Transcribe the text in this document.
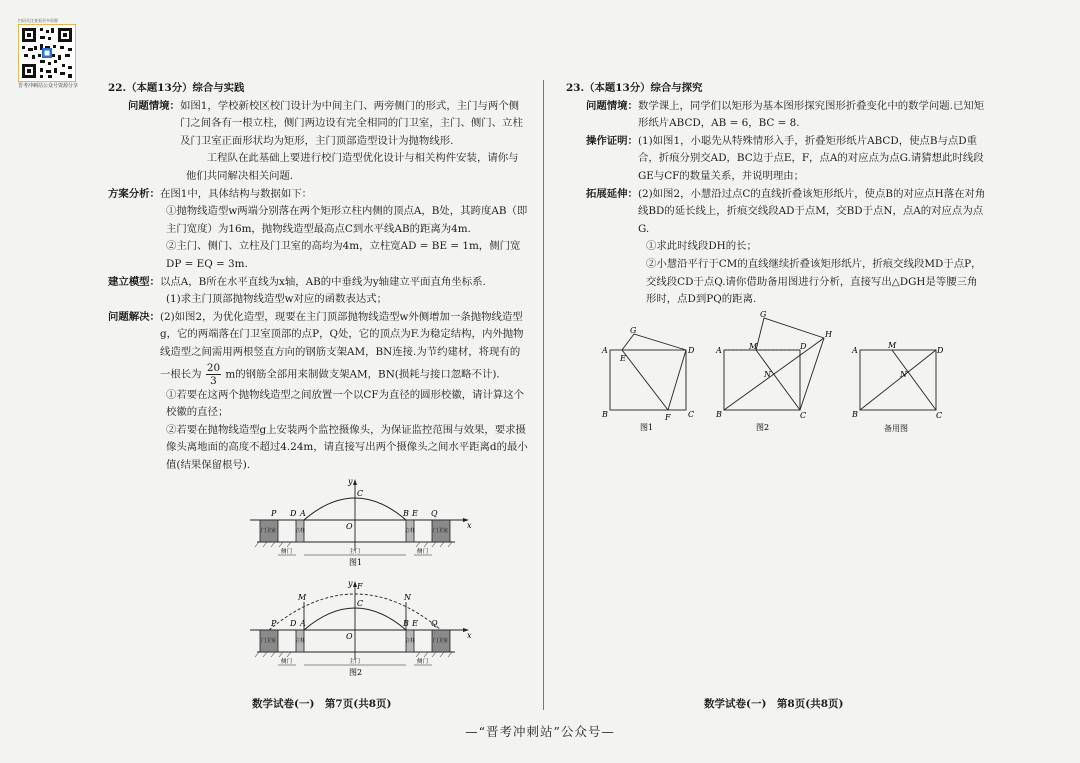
扫码关注查看更多资源
晋考冲刺站公众号资源分享	22.（本题13分）综合与实践
问题情境： 如图1，学校新校区校门设计为中间主门、两旁侧门的形式，主门与两个侧门之间各有一根立柱，侧门两边设有完全相同的门卫室，主门、侧门、立柱及门卫室正面形状均为矩形，主门顶部造型设计为抛物线形.
工程队在此基础上要进行校门造型优化设计与相关构件安装，请你与他们共同解决相关问题.
方案分析： 在图1中，具体结构与数据如下：
①抛物线造型w两端分别落在两个矩形立柱内侧的顶点A，B处，其跨度AB（即主门宽度）为16m，抛物线造型最高点C到水平线AB的距离为4m.
②主门、侧门、立柱及门卫室的高均为4m，立柱宽AD = BE = 1m，侧门宽DP = EQ = 3m.
建立模型： 以点A，B所在水平直线为x轴，AB的中垂线为y轴建立平面直角坐标系.
(1)求主门顶部抛物线造型w对应的函数表达式；
问题解决： (2)如图2，为优化造型，现要在主门顶部抛物线造型w外侧增加一条抛物线造型g，它的两端落在门卫室顶部的点P，Q处，它的顶点为F.为稳定结构，内外抛物线造型之间需用两根竖直方向的钢筋支架AM，BN连接.为节约建材，将现有的一根长为 $\frac{20}{3}$ m的钢筋全部用来制做支架AM，BN(损耗与接口忽略不计).
①若要在这两个抛物线造型之间放置一个以CF为直径的圆形校徽，请计算这个校徽的直径；
②若要在抛物线造型g上安装两个监控摄像头，为保证监控范围与效果，要求摄像头离地面的高度不超过4.24m，请直接写出两个摄像头之间水平距离d的最小值(结果保留根号).
P D A	B E Q
C
O	x
y
门卫室	门卫室
立柱	立柱
侧门	主门	侧门
图1
P D A	B E Q
C
F
M	N
O	x
y
门卫室	门卫室
立柱	立柱
侧门	主门	侧门
图2
23.（本题13分）综合与探究
问题情境： 数学课上，同学们以矩形为基本图形探究图形折叠变化中的数学问题.已知矩形纸片ABCD，AB = 6，BC = 8.
操作证明： (1)如图1，小聪先从特殊情形入手，折叠矩形纸片ABCD，使点B与点D重合，折痕分别交AD，BC边于点E，F，点A的对应点为点G.请猜想此时线段GE与CF的数量关系，并说明理由；
拓展延伸： (2)如图2，小慧沿过点C的直线折叠该矩形纸片，使点B的对应点H落在对角线BD的延长线上，折痕交线段AD于点M，交BD于点N，点A的对应点为点G.
①求此时线段DH的长；
②小慧沿平行于CM的直线继续折叠该矩形纸片，折痕交线段MD于点P，交线段CD于点Q.请你借助备用图进行分析，直接写出△DGH是等腰三角形时，点D到PQ的距离.
A	D
B	C
E
F
G
图1
A	M	D
N
G
H
B	C
图2
A
M
D
N
B	C
备用图
数学试卷(一)　第7页(共8页)	数学试卷(一)　第8页(共8页)
—“晋考冲刺站”公众号—
